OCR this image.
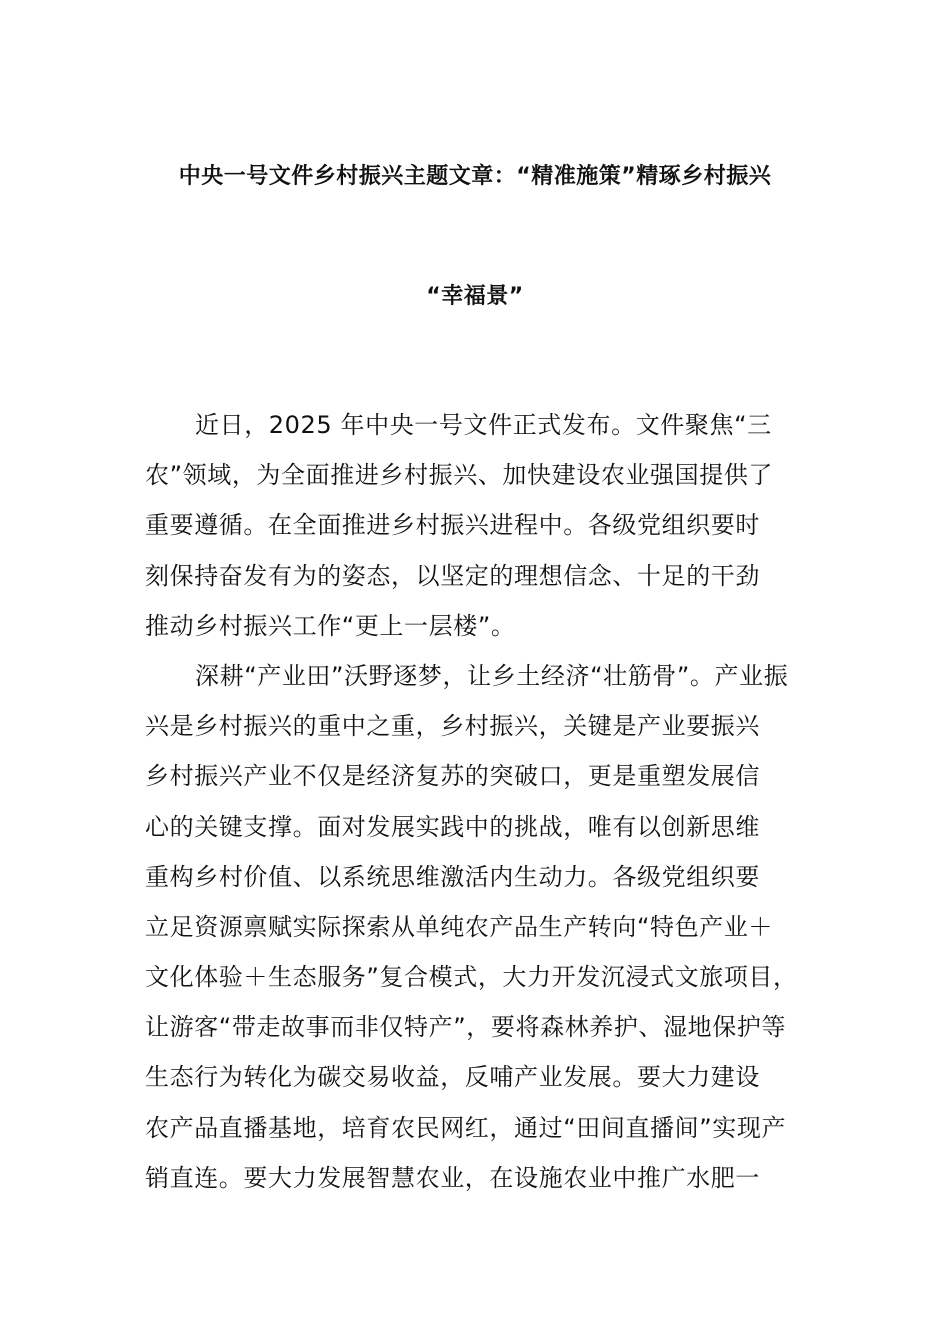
中央一号文件乡村振兴主题文章：“精准施策”精琢乡村振兴
“幸福景”
近日，2025 年中央一号文件正式发布。文件聚焦“三
农”领域，为全面推进乡村振兴、加快建设农业强国提供了
重要遵循。在全面推进乡村振兴进程中。各级党组织要时
刻保持奋发有为的姿态，以坚定的理想信念、十足的干劲
推动乡村振兴工作“更上一层楼”。
深耕“产业田”沃野逐梦，让乡土经济“壮筋骨”。产业振
兴是乡村振兴的重中之重，乡村振兴，关键是产业要振兴
乡村振兴产业不仅是经济复苏的突破口，更是重塑发展信
心的关键支撑。面对发展实践中的挑战，唯有以创新思维
重构乡村价值、以系统思维激活内生动力。各级党组织要
立足资源禀赋实际探索从单纯农产品生产转向“特色产业＋
文化体验＋生态服务”复合模式，大力开发沉浸式文旅项目，
让游客“带走故事而非仅特产”，要将森林养护、湿地保护等
生态行为转化为碳交易收益，反哺产业发展。要大力建设
农产品直播基地，培育农民网红，通过“田间直播间”实现产
销直连。要大力发展智慧农业，在设施农业中推广水肥一
